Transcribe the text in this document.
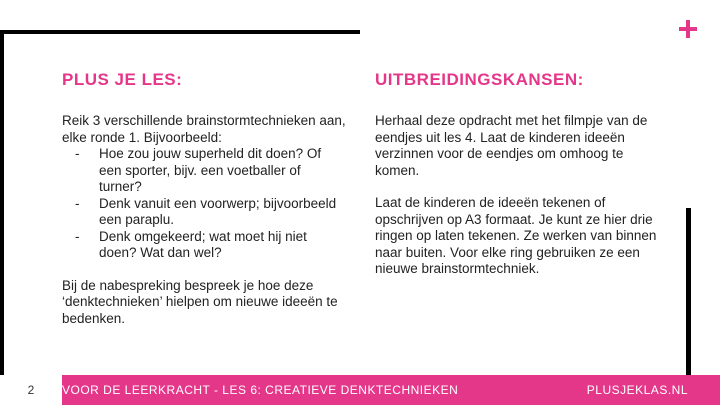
PLUS JE LES:	UITBREIDINGSKANSEN:

Reik 3 verschillende brainstormtechnieken aan, elke ronde 1. Bijvoorbeeld:

- Hoe zou jouw superheld dit doen? Of een sporter, bijv. een voetballer of turner?
- Denk vanuit een voorwerp; bijvoorbeeld een paraplu.
- Denk omgekeerd; wat moet hij niet doen? Wat dan wel?

Bij de nabespreking bespreek je hoe deze ‘denktechnieken’ hielpen om nieuwe ideeën te bedenken.

Herhaal deze opdracht met het filmpje van de eendjes uit les 4. Laat de kinderen ideeën verzinnen voor de eendjes om omhoog te komen.

Laat de kinderen de ideeën tekenen of opschrijven op A3 formaat. Je kunt ze hier drie ringen op laten tekenen. Ze werken van binnen naar buiten. Voor elke ring gebruiken ze een nieuwe brainstormtechniek.

2	VOOR DE LEERKRACHT - LES 6: CREATIEVE DENKTECHNIEKEN	PLUSJEKLAS.NL
